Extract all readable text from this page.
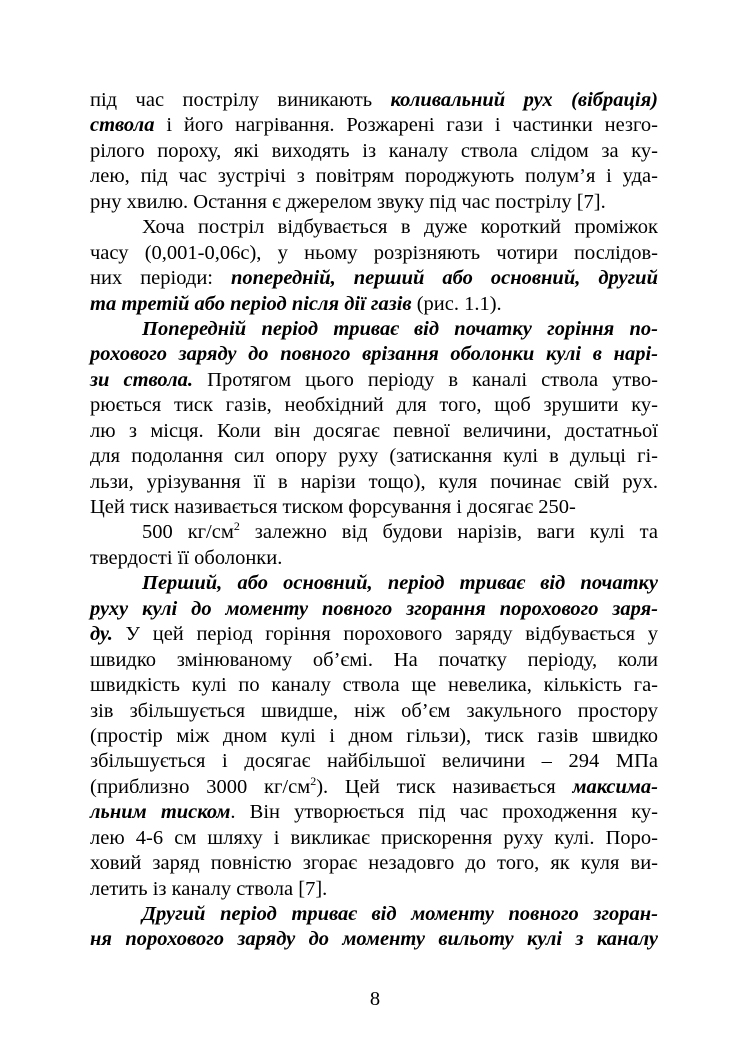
під час пострілу виникають коливальний рух (вібрація)
ствола і його нагрівання. Розжарені гази і частинки незго-
рілого пороху, які виходять із каналу ствола слідом за ку-
лею, під час зустрічі з повітрям породжують полум’я і уда-
рну хвилю. Остання є джерелом звуку під час пострілу [7].
Хоча постріл відбувається в дуже короткий проміжок
часу (0,001-0,06с), у ньому розрізняють чотири послідов-
них періоди: попередній, перший або основний, другий
та третій або період після дії газів (рис. 1.1).
Попередній період триває від початку горіння по-
рохового заряду до повного врізання оболонки кулі в нарі-
зи ствола. Протягом цього періоду в каналі ствола утво-
рюється тиск газів, необхідний для того, щоб зрушити ку-
лю з місця. Коли він досягає певної величини, достатньої
для подолання сил опору руху (затискання кулі в дульці гі-
льзи, урізування її в нарізи тощо), куля починає свій рух.
Цей тиск називається тиском форсування і досягає 250-
500 $кг/см^2$ залежно від будови нарізів, ваги кулі та
твердості її оболонки.
Перший, або основний, період триває від початку
руху кулі до моменту повного згорання порохового заря-
ду. У цей період горіння порохового заряду відбувається у
швидко змінюваному об’ємі. На початку періоду, коли
швидкість кулі по каналу ствола ще невелика, кількість га-
зів збільшується швидше, ніж об’єм закульного простору
(простір між дном кулі і дном гільзи), тиск газів швидко
збільшується і досягає найбільшої величини – 294 МПа
(приблизно 3000 $кг/см^2$). Цей тиск називається максима-
льним тиском. Він утворюється під час проходження ку-
лею 4-6 см шляху і викликає прискорення руху кулі. Поро-
ховий заряд повністю згорає незадовго до того, як куля ви-
летить із каналу ствола [7].
Другий період триває від моменту повного згоран-
ня порохового заряду до моменту вильоту кулі з каналу
8
